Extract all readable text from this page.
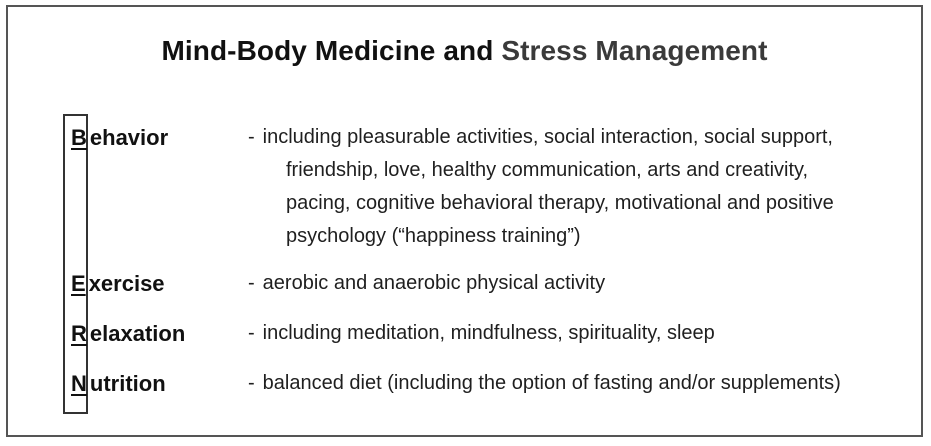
Mind-Body Medicine and Stress Management
B ehavior	- including pleasurable activities, social interaction, social support,
friendship, love, healthy communication, arts and creativity,
pacing, cognitive behavioral therapy, motivational and positive
psychology (“happiness training”)
E xercise	- aerobic and anaerobic physical activity
R elaxation	- including meditation, mindfulness, spirituality, sleep
N utrition	- balanced diet (including the option of fasting and/or supplements)
